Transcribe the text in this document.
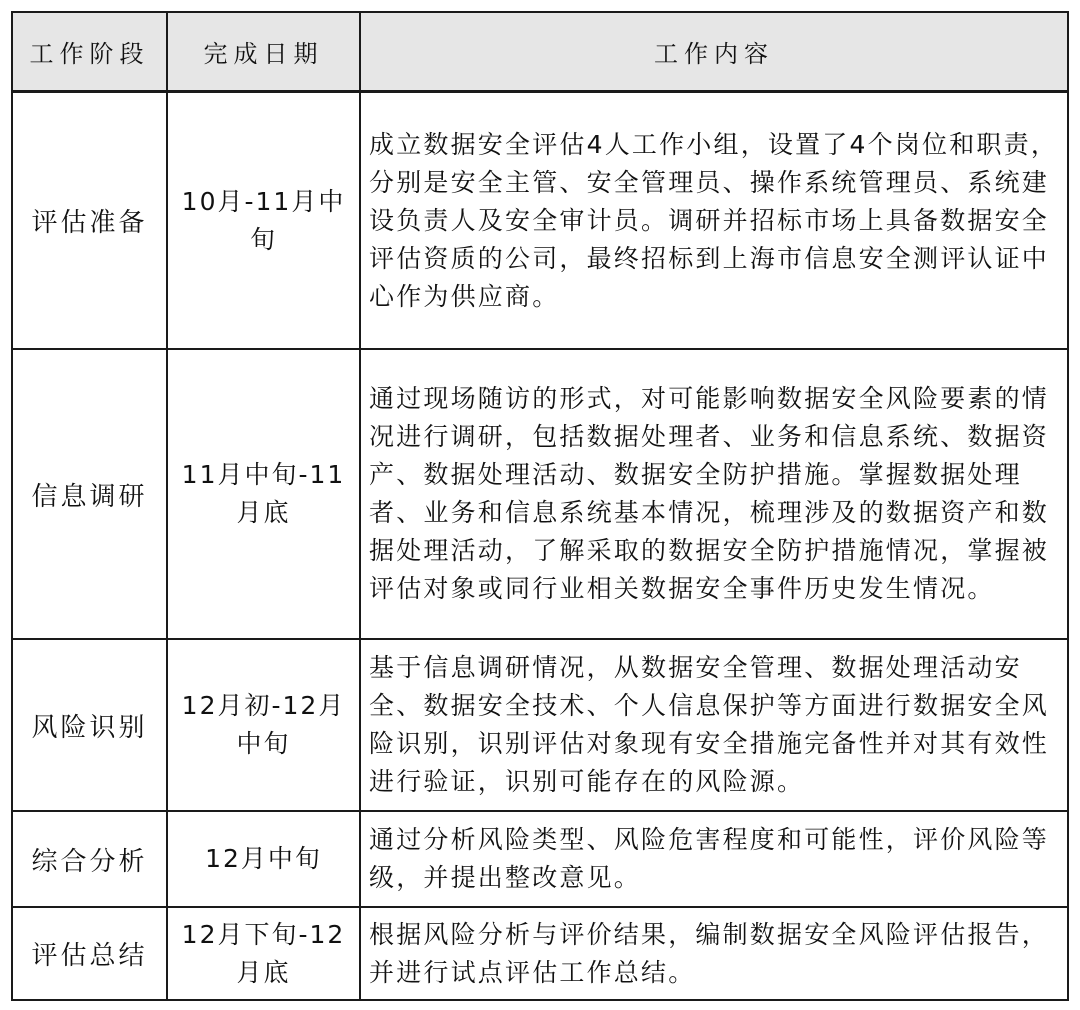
工作阶段	完成日期	工作内容
评估准备	10月-11月中旬	成立数据安全评估4人工作小组，设置了4个岗位和职责，分别是安全主管、安全管理员、操作系统管理员、系统建设负责人及安全审计员。调研并招标市场上具备数据安全评估资质的公司，最终招标到上海市信息安全测评认证中心作为供应商。
信息调研	11月中旬-11月底	通过现场随访的形式，对可能影响数据安全风险要素的情况进行调研，包括数据处理者、业务和信息系统、数据资产、数据处理活动、数据安全防护措施。掌握数据处理者、业务和信息系统基本情况，梳理涉及的数据资产和数据处理活动，了解采取的数据安全防护措施情况，掌握被评估对象或同行业相关数据安全事件历史发生情况。
风险识别	12月初-12月中旬	基于信息调研情况，从数据安全管理、数据处理活动安全、数据安全技术、个人信息保护等方面进行数据安全风险识别，识别评估对象现有安全措施完备性并对其有效性进行验证，识别可能存在的风险源。
综合分析	12月中旬	通过分析风险类型、风险危害程度和可能性，评价风险等级，并提出整改意见。
评估总结	12月下旬-12月底	根据风险分析与评价结果，编制数据安全风险评估报告，并进行试点评估工作总结。
